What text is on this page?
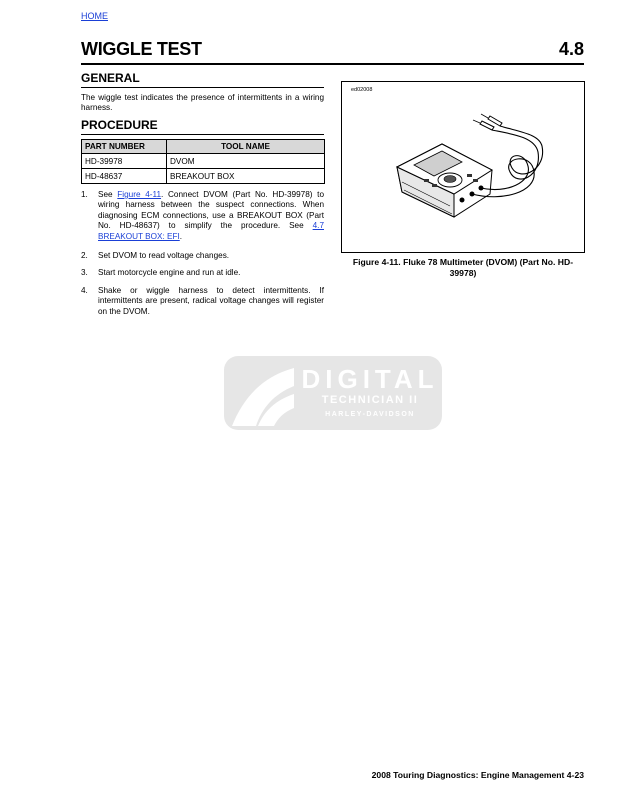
HOME
WIGGLE TEST	4.8
GENERAL
The wiggle test indicates the presence of intermittents in a wiring harness.
PROCEDURE
PART NUMBER	TOOL NAME
HD-39978	DVOM
HD-48637	BREAKOUT BOX
1. See Figure 4-11. Connect DVOM (Part No. HD-39978) to wiring harness between the suspect connections. When diagnosing ECM connections, use a BREAKOUT BOX (Part No. HD-48637) to simplify the procedure. See 4.7 BREAKOUT BOX: EFI.
2. Set DVOM to read voltage changes.
3. Start motorcycle engine and run at idle.
4. Shake or wiggle harness to detect intermittents. If intermittents are present, radical voltage changes will register on the DVOM.
ed02008
Figure 4-11. Fluke 78 Multimeter (DVOM) (Part No. HD-39978)
DIGITAL
TECHNICIAN II
HARLEY-DAVIDSON
2008 Touring Diagnostics: Engine Management 4-23
